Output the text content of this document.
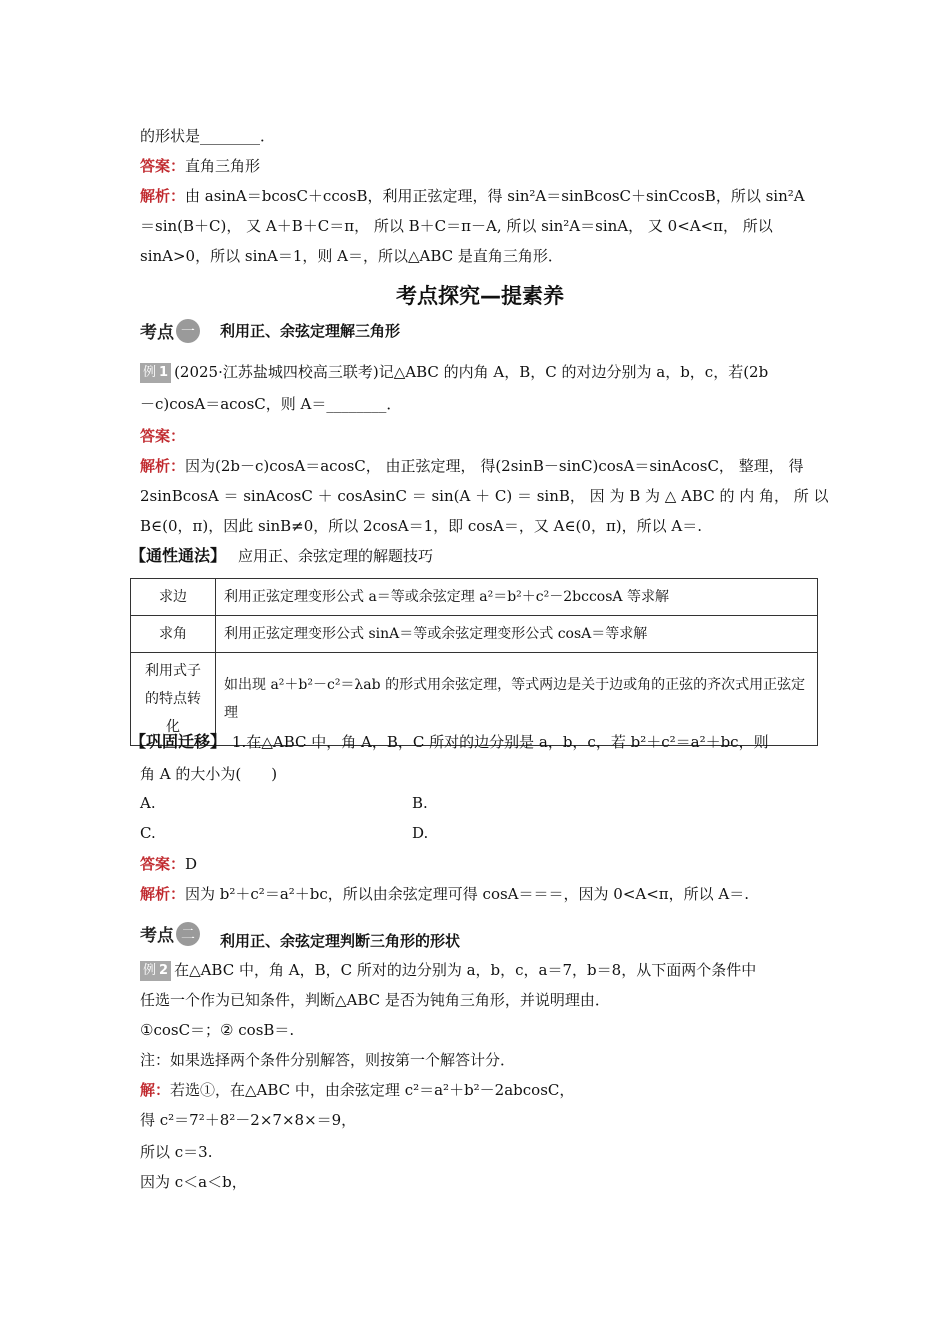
的形状是________．
答案：直角三角形
解析：由 asinA＝bcosC＋ccosB，利用正弦定理，得 sin²A＝sinBcosC＋sinCcosB，所以 sin²A
＝sin(B＋C)， 又 A＋B＋C＝π， 所以 B＋C＝π－A, 所以 sin²A＝sinA， 又 0<A<π， 所以
sinA>0，所以 sinA＝1，则 A＝，所以△ABC 是直角三角形．
考点探究—提素养
考点 一	利用正、余弦定理解三角形
例 1 (2025·江苏盐城四校高三联考)记△ABC 的内角 A，B，C 的对边分别为 a，b，c，若(2b
－c)cosA＝acosC，则 A＝________．
答案：
解析：因为(2b－c)cosA＝acosC， 由正弦定理， 得(2sinB－sinC)cosA＝sinAcosC， 整理， 得
2sinBcosA ＝ sinAcosC ＋ cosAsinC ＝ sin(A ＋ C) ＝ sinB， 因 为 B 为 △ ABC 的 内 角， 所 以
B∈(0，π)，因此 sinB≠0，所以 2cosA＝1，即 cosA＝，又 A∈(0，π)，所以 A＝.
【通性通法】 应用正、余弦定理的解题技巧
求边	利用正弦定理变形公式 a＝等或余弦定理 a²＝b²＋c²－2bccosA 等求解
求角	利用正弦定理变形公式 sinA＝等或余弦定理变形公式 cosA＝等求解
利用式子的特点转化	如出现 a²＋b²－c²＝λab 的形式用余弦定理，等式两边是关于边或角的正弦的齐次式用正弦定理
【巩固迁移】 1.在△ABC 中，角 A，B，C 所对的边分别是 a，b，c，若 b²＋c²＝a²＋bc，则
角 A 的大小为(　　)
A.	B.
C.	D.
答案：D
解析：因为 b²＋c²＝a²＋bc，所以由余弦定理可得 cosA＝＝＝，因为 0<A<π，所以 A＝.
考点 二	利用正、余弦定理判断三角形的形状
例 2 在△ABC 中，角 A，B，C 所对的边分别为 a，b，c，a＝7，b＝8，从下面两个条件中
任选一个作为已知条件，判断△ABC 是否为钝角三角形，并说明理由．
①cosC＝；② cosB＝.
注：如果选择两个条件分别解答，则按第一个解答计分．
解：若选①，在△ABC 中，由余弦定理 c²＝a²＋b²－2abcosC，
得 c²＝7²＋8²－2×7×8×＝9，
所以 c＝3.
因为 c＜a＜b，
